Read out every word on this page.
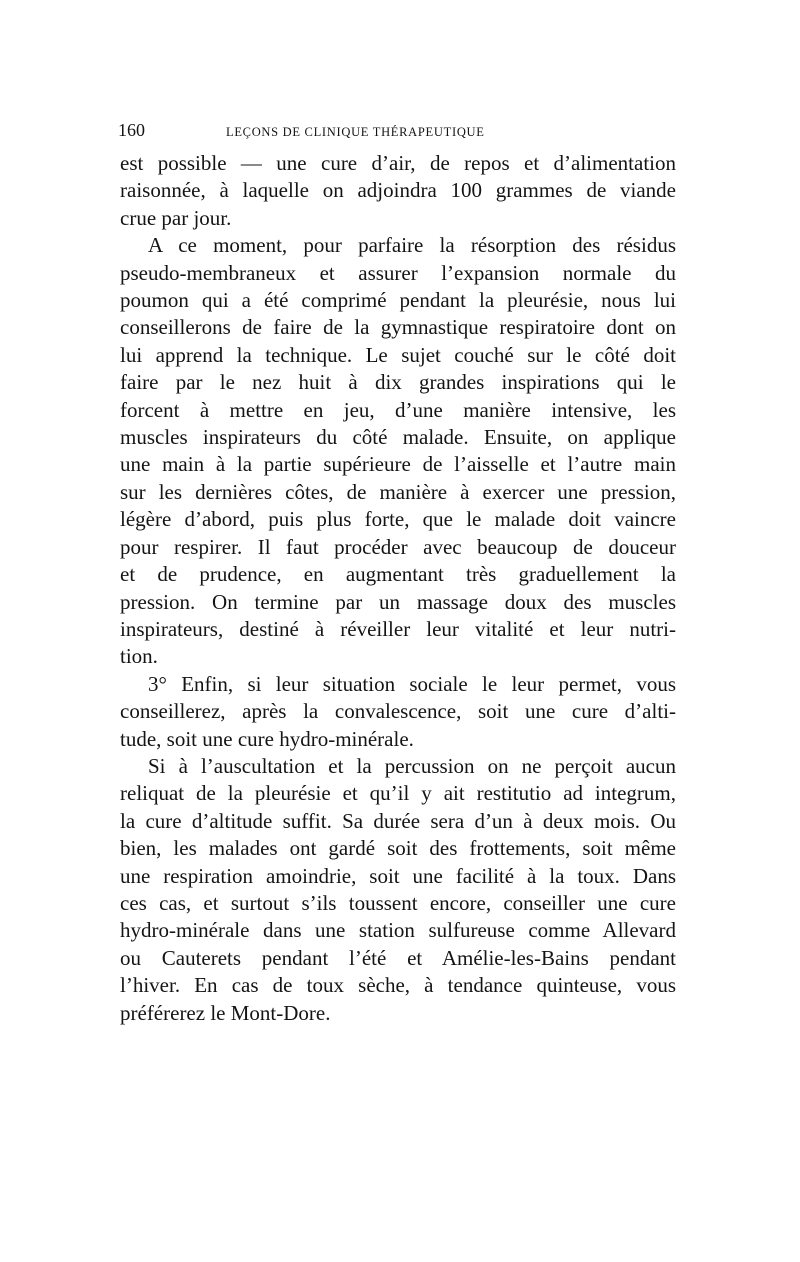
160	LEÇONS DE CLINIQUE THÉRAPEUTIQUE

est possible — une cure d’air, de repos et d’alimentation
raisonnée, à laquelle on adjoindra 100 grammes de viande
crue par jour.

A ce moment, pour parfaire la résorption des résidus
pseudo-membraneux et assurer l’expansion normale du
poumon qui a été comprimé pendant la pleurésie, nous lui
conseillerons de faire de la gymnastique respiratoire dont on
lui apprend la technique. Le sujet couché sur le côté doit
faire par le nez huit à dix grandes inspirations qui le
forcent à mettre en jeu, d’une manière intensive, les
muscles inspirateurs du côté malade. Ensuite, on applique
une main à la partie supérieure de l’aisselle et l’autre main
sur les dernières côtes, de manière à exercer une pression,
légère d’abord, puis plus forte, que le malade doit vaincre
pour respirer. Il faut procéder avec beaucoup de douceur
et de prudence, en augmentant très graduellement la
pression. On termine par un massage doux des muscles
inspirateurs, destiné à réveiller leur vitalité et leur nutri-
tion.

3° Enfin, si leur situation sociale le leur permet, vous
conseillerez, après la convalescence, soit une cure d’alti-
tude, soit une cure hydro-minérale.

Si à l’auscultation et la percussion on ne perçoit aucun
reliquat de la pleurésie et qu’il y ait restitutio ad integrum,
la cure d’altitude suffit. Sa durée sera d’un à deux mois. Ou
bien, les malades ont gardé soit des frottements, soit même
une respiration amoindrie, soit une facilité à la toux. Dans
ces cas, et surtout s’ils toussent encore, conseiller une cure
hydro-minérale dans une station sulfureuse comme Allevard
ou Cauterets pendant l’été et Amélie-les-Bains pendant
l’hiver. En cas de toux sèche, à tendance quinteuse, vous
préférerez le Mont-Dore.
